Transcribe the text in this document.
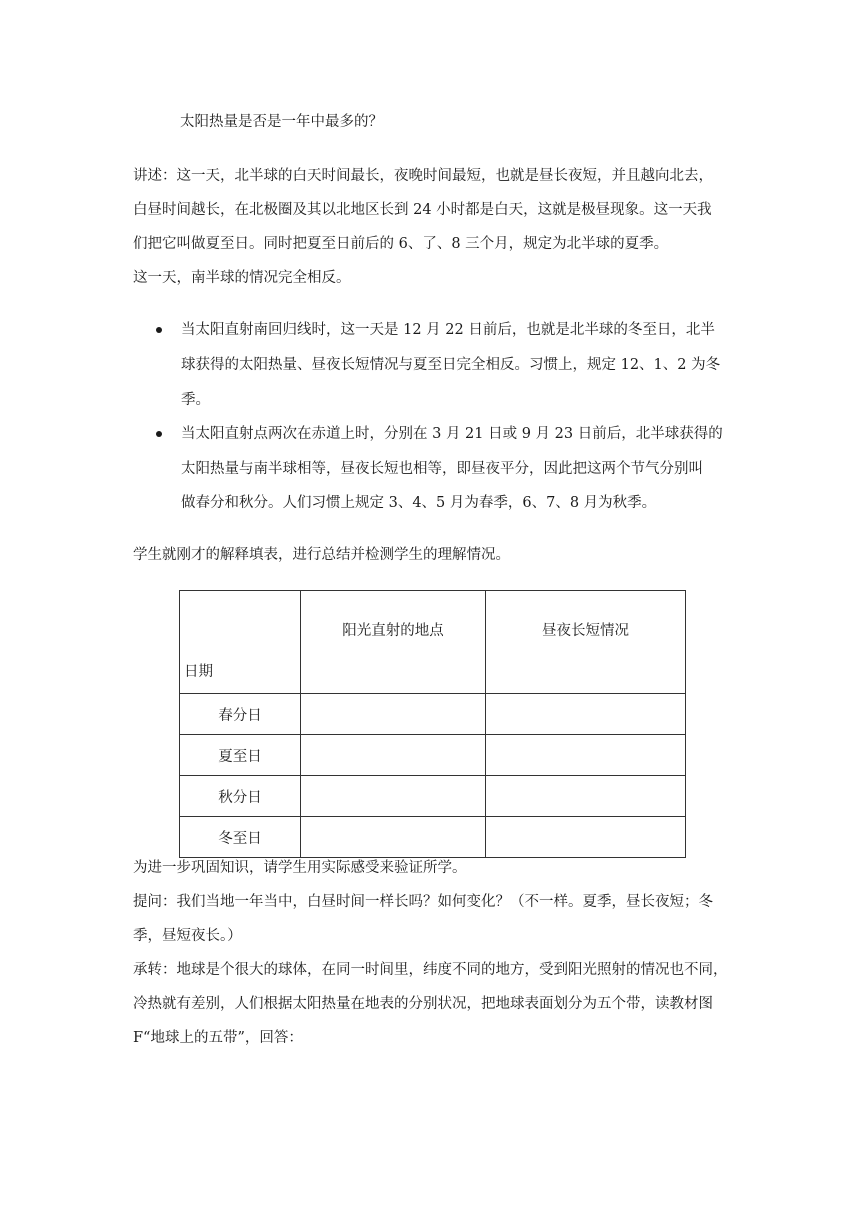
太阳热量是否是一年中最多的？
讲述：这一天，北半球的白天时间最长，夜晚时间最短，也就是昼长夜短，并且越向北去，
白昼时间越长，在北极圈及其以北地区长到 24 小时都是白天，这就是极昼现象。这一天我
们把它叫做夏至日。同时把夏至日前后的 6、了、8 三个月，规定为北半球的夏季。
这一天，南半球的情况完全相反。
当太阳直射南回归线时，这一天是 12 月 22 日前后，也就是北半球的冬至日，北半
球获得的太阳热量、昼夜长短情况与夏至日完全相反。习惯上，规定 12、1、2 为冬
季。
当太阳直射点两次在赤道上时，分别在 3 月 21 日或 9 月 23 日前后，北半球获得的
太阳热量与南半球相等，昼夜长短也相等，即昼夜平分，因此把这两个节气分别叫
做春分和秋分。人们习惯上规定 3、4、5 月为春季，6、7、8 月为秋季。
学生就刚才的解释填表，进行总结并检测学生的理解情况。
日期	阳光直射的地点	昼夜长短情况
春分日		
夏至日		
秋分日		
冬至日		
为进一步巩固知识，请学生用实际感受来验证所学。
提问：我们当地一年当中，白昼时间一样长吗？如何变化？（不一样。夏季，昼长夜短；冬
季，昼短夜长。）
承转：地球是个很大的球体，在同一时间里，纬度不同的地方，受到阳光照射的情况也不同，
冷热就有差别，人们根据太阳热量在地表的分别状况，把地球表面划分为五个带，读教材图
F“地球上的五带”，回答：
